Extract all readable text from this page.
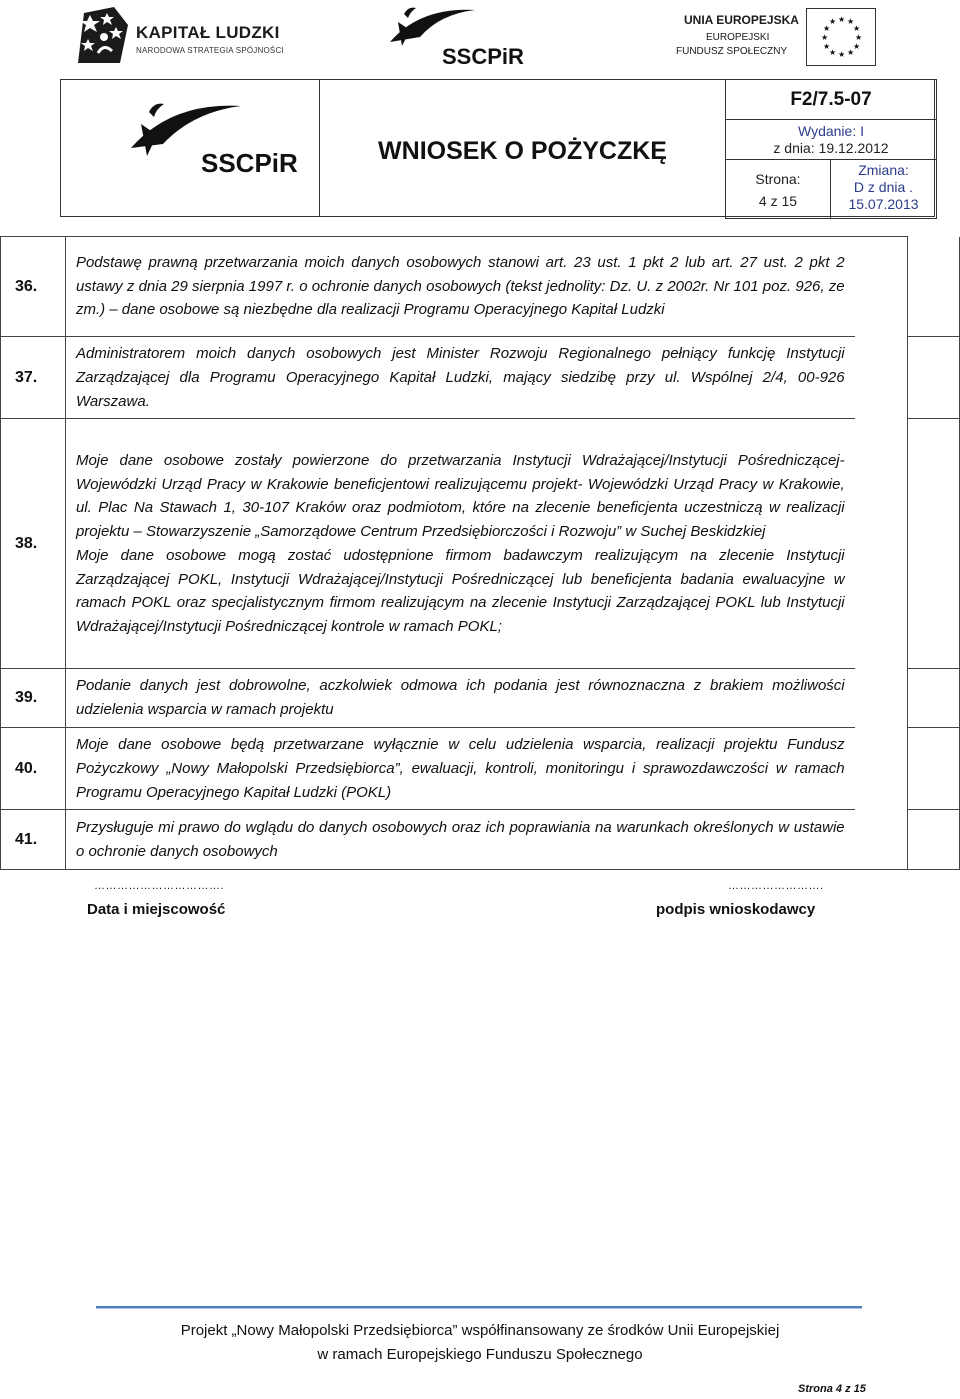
KAPITAŁ LUDZKI
NARODOWA STRATEGIA SPÓJNOŚCI	SSCPiR
UNIA EUROPEJSKA
EUROPEJSKI
FUNDUSZ SPOŁECZNY
★ ★
★
★
★
★
★
★
★
★
★
★
SSCPiR	WNIOSEK O POŻYCZKĘ
F2/7.5-07
Wydanie: I
z dnia: 19.12.2012
Strona:
4 z 15
Zmiana:
D z dnia .
15.07.2013
36.	Podstawę prawną przetwarzania moich danych osobowych stanowi art. 23 ust. 1 pkt 2 lub art. 27 ust. 2 pkt 2 ustawy z dnia 29 sierpnia 1997 r. o ochronie danych osobowych (tekst jednolity: Dz. U. z 2002r. Nr 101 poz. 926, ze zm.) – dane osobowe są niezbędne dla realizacji Programu Operacyjnego Kapitał Ludzki		

37.	Administratorem moich danych osobowych jest Minister Rozwoju Regionalnego pełniący funkcję Instytucji Zarządzającej dla Programu Operacyjnego Kapitał Ludzki, mający siedzibę przy ul. Wspólnej 2/4, 00-926 Warszawa.		

38.	Moje dane osobowe zostały powierzone do przetwarzania Instytucji Wdrażającej/Instytucji Pośredniczącej- Wojewódzki Urząd Pracy w Krakowie beneficjentowi realizującemu projekt- Wojewódzki Urząd Pracy w Krakowie, ul. Plac Na Stawach 1, 30-107 Kraków oraz podmiotom, które na zlecenie beneficjenta uczestniczą w realizacji projektu – Stowarzyszenie „Samorządowe Centrum Przedsiębiorczości i Rozwoju” w Suchej Beskidzkiej

Moje dane osobowe mogą zostać udostępnione firmom badawczym realizującym na zlecenie Instytucji Zarządzającej POKL, Instytucji Wdrażającej/Instytucji Pośredniczącej lub beneficjenta badania ewaluacyjne w ramach POKL oraz specjalistycznym firmom realizującym na zlecenie Instytucji Zarządzającej POKL lub Instytucji Wdrażającej/Instytucji Pośredniczącej kontrole w ramach POKL;		

39.	Podanie danych jest dobrowolne, aczkolwiek odmowa ich podania jest równoznaczna z brakiem możliwości udzielenia wsparcia w ramach projektu		

40.	Moje dane osobowe będą przetwarzane wyłącznie w celu udzielenia wsparcia, realizacji projektu Fundusz Pożyczkowy „Nowy Małopolski Przedsiębiorca”, ewaluacji, kontroli, monitoringu i sprawozdawczości w ramach Programu Operacyjnego Kapitał Ludzki (POKL)		

41.	Przysługuje mi prawo do wglądu do danych osobowych oraz ich poprawiania na warunkach określonych w ustawie o ochronie danych osobowych		

…………………………….
Data i miejscowość
…………………….
podpis wnioskodawcy
Projekt „Nowy Małopolski Przedsiębiorca” współfinansowany ze środków Unii Europejskiej
w ramach Europejskiego Funduszu Społecznego
Strona 4 z 15
